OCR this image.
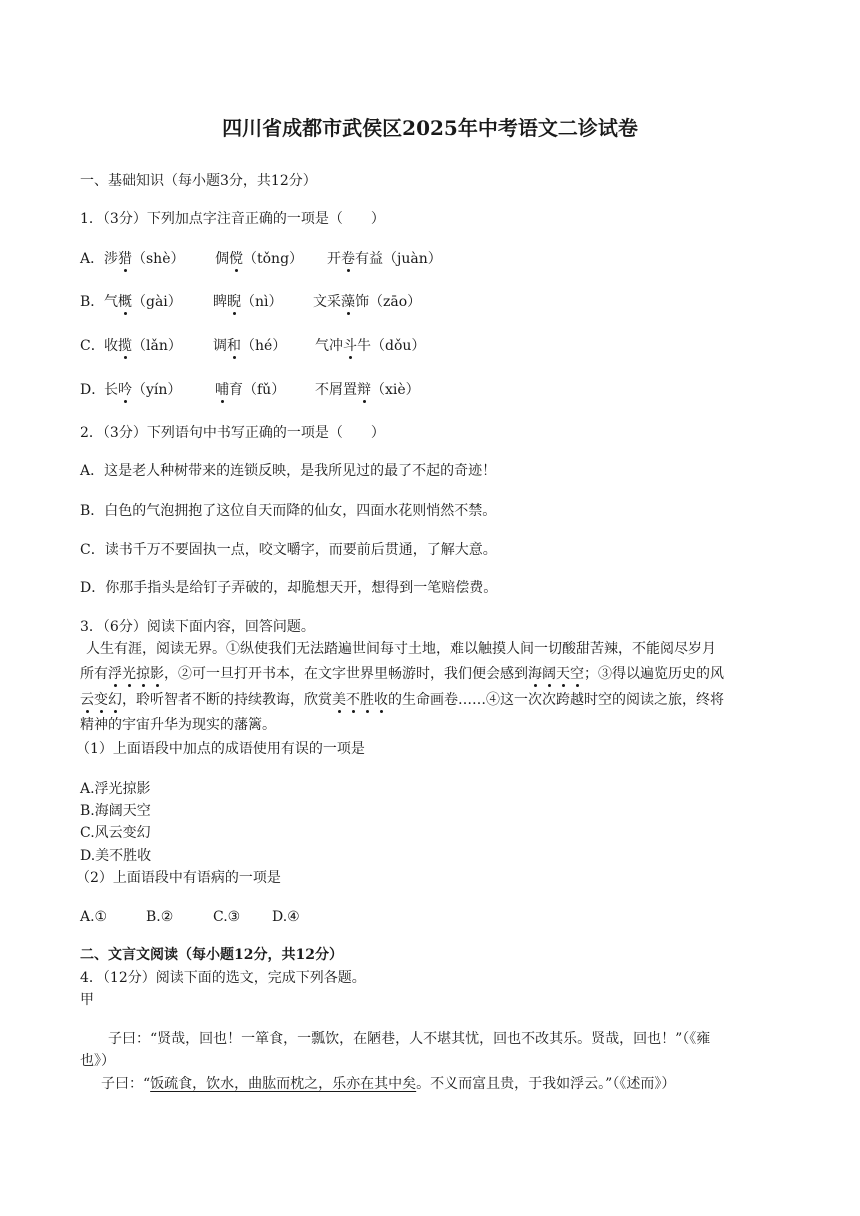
四川省成都市武侯区2025年中考语文二诊试卷
一、基础知识（每小题3分，共12分）
1．（3分）下列加点字注音正确的一项是（　　）
A． 涉猎（shè） 倜傥（tǒng） 开卷有益（juàn）
B． 气概（gài） 睥睨（nì） 文采藻饰（zāo）
C． 收揽（lǎn） 调和（hé） 气冲斗牛（dǒu）
D．
长吟（yín） 哺育（fǔ） 不屑置辩（xiè）
2．（3分）下列语句中书写正确的一项是（　　）
A．这是老人种树带来的连锁反映，是我所见过的最了不起的奇迹！
B．白色的气泡拥抱了这位自天而降的仙女，四面水花则悄然不禁。
C．读书千万不要固执一点，咬文嚼字，而要前后贯通，了解大意。
D．你那手指头是给钉子弄破的，却脆想天开，想得到一笔赔偿费。
3．（6分）阅读下面内容，回答问题。
人生有涯，阅读无界。①纵使我们无法踏遍世间每寸土地，难以触摸人间一切酸甜苦辣，不能阅尽岁月
所有浮光掠影，②可一旦打开书本，在文字世界里畅游时，我们便会感到海阔天空；③得以遍览历史的风
云变幻，聆听智者不断的持续教诲，欣赏美不胜收的生命画卷……④这一次次跨越时空的阅读之旅，终将
精神的宇宙升华为现实的藩篱。
（1）上面语段中加点的成语使用有误的一项是
A.浮光掠影
B.海阔天空
C.风云变幻
D.美不胜收
（2）上面语段中有语病的一项是
A.①	B.②	C.③ D.④
二、文言文阅读（每小题12分，共12分）
4．（12分）阅读下面的选文，完成下列各题。
甲
子曰：“贤哉，回也！一箪食，一瓢饮，在陋巷，人不堪其忧，回也不改其乐。贤哉，回也！”（《雍
也》）
子曰：“饭疏食，饮水，曲肱而枕之，乐亦在其中矣。不义而富且贵，于我如浮云。”（《述而》）
